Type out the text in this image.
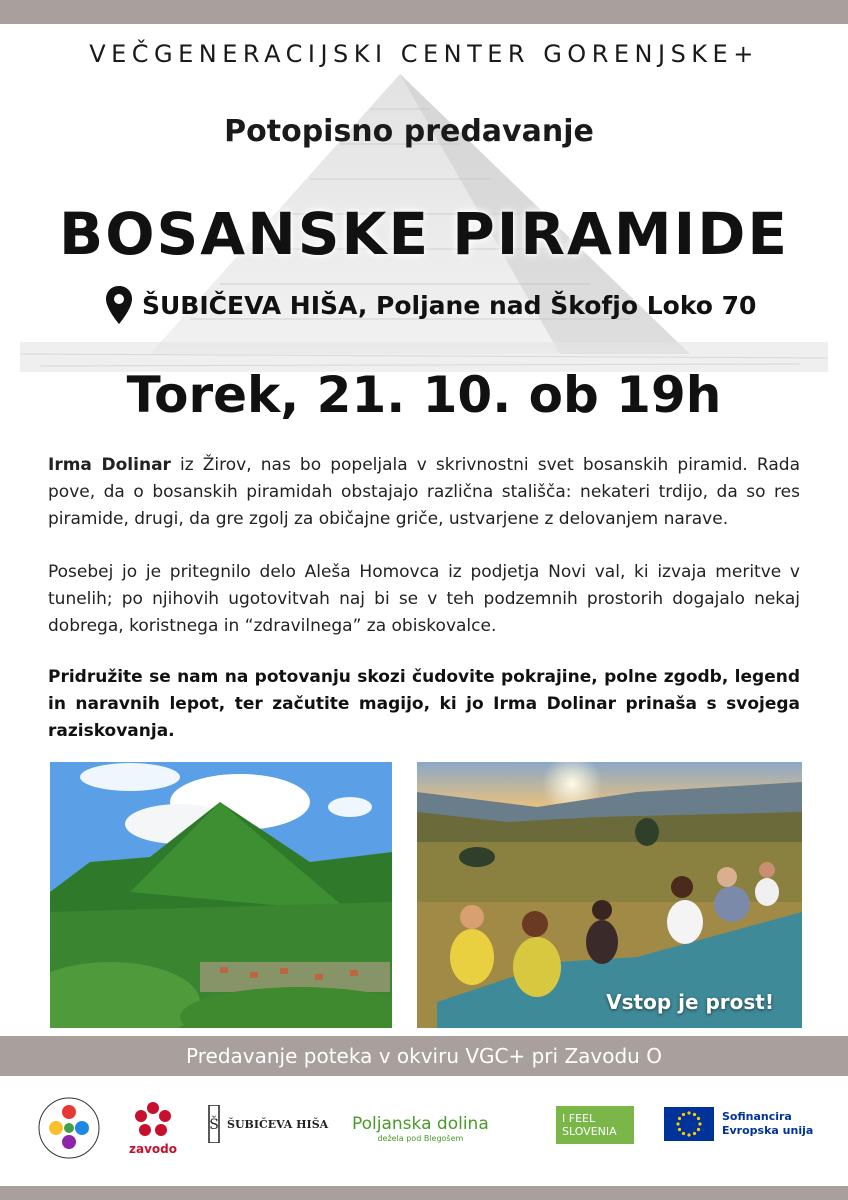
VEČGENERACIJSKI CENTER GORENJSKE+
Potopisno predavanje
BOSANSKE PIRAMIDE
ŠUBIČEVA HIŠA, Poljane nad Škofjo Loko 70
Torek, 21. 10. ob 19h

Irma Dolinar iz Žirov, nas bo popeljala v skrivnostni svet bosanskih piramid. Rada pove, da o bosanskih piramidah obstajajo različna stališča: nekateri trdijo, da so res piramide, drugi, da gre zgolj za običajne griče, ustvarjene z delovanjem narave.

Posebej jo je pritegnilo delo Aleša Homovca iz podjetja Novi val, ki izvaja meritve v tunelih; po njihovih ugotovitvah naj bi se v teh podzemnih prostorih dogajalo nekaj dobrega, koristnega in “zdravilnega” za obiskovalce.

Pridružite se nam na potovanju skozi čudovite pokrajine, polne zgodb, legend in naravnih lepot, ter začutite magijo, ki jo Irma Dolinar prinaša s svojega raziskovanja.

Vstop je prost!
Predavanje poteka v okviru VGC+ pri Zavodu O
zavodo
Š ŠUBIČEVA HIŠA Poljanska dolina
dežela pod Blegošem
I FEEL
SLOVENIA
Sofinancira
Evropska unija
